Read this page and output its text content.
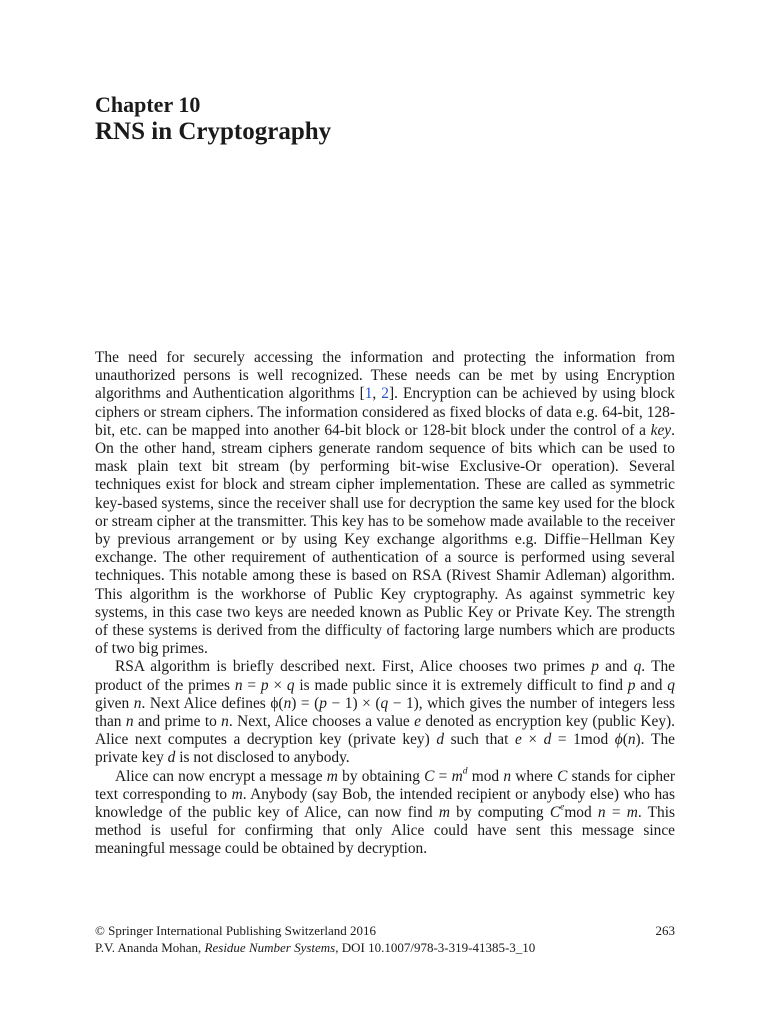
Chapter 10
RNS in Cryptography

The need for securely accessing the information and protecting the information from unauthorized persons is well recognized. These needs can be met by using Encryption algorithms and Authentication algorithms [1, 2]. Encryption can be achieved by using block ciphers or stream ciphers. The information considered as fixed blocks of data e.g. 64-bit, 128-bit, etc. can be mapped into another 64-bit block or 128-bit block under the control of a key. On the other hand, stream ciphers generate random sequence of bits which can be used to mask plain text bit stream (by performing bit-wise Exclusive-Or operation). Several techniques exist for block and stream cipher implementation. These are called as symmetric key-based systems, since the receiver shall use for decryption the same key used for the block or stream cipher at the transmitter. This key has to be somehow made available to the receiver by previous arrangement or by using Key exchange algorithms e.g. Diffie−Hellman Key exchange. The other requirement of authentication of a source is performed using several techniques. This notable among these is based on RSA (Rivest Shamir Adleman) algorithm. This algorithm is the workhorse of Public Key cryptography. As against symmetric key systems, in this case two keys are needed known as Public Key or Private Key. The strength of these systems is derived from the difficulty of factoring large numbers which are products of two big primes.

RSA algorithm is briefly described next. First, Alice chooses two primes p and q. The product of the primes n = p × q is made public since it is extremely difficult to find p and q given n. Next Alice defines ϕ(n) = (p − 1) × (q − 1), which gives the number of integers less than n and prime to n. Next, Alice chooses a value e denoted as encryption key (public Key). Alice next computes a decryption key (private key) d such that e × d = 1mod ϕ(n). The private key d is not disclosed to anybody.

Alice can now encrypt a message m by obtaining $C = m^d$ mod n where C stands for cipher text corresponding to m. Anybody (say Bob, the intended recipient or anybody else) who has knowledge of the public key of Alice, can now find m by computing Cemod n = m. This method is useful for confirming that only Alice could have sent this message since meaningful message could be obtained by decryption.

© Springer International Publishing Switzerland 2016	263
P.V. Ananda Mohan, Residue Number Systems, DOI 10.1007/978-3-319-41385-3_10
